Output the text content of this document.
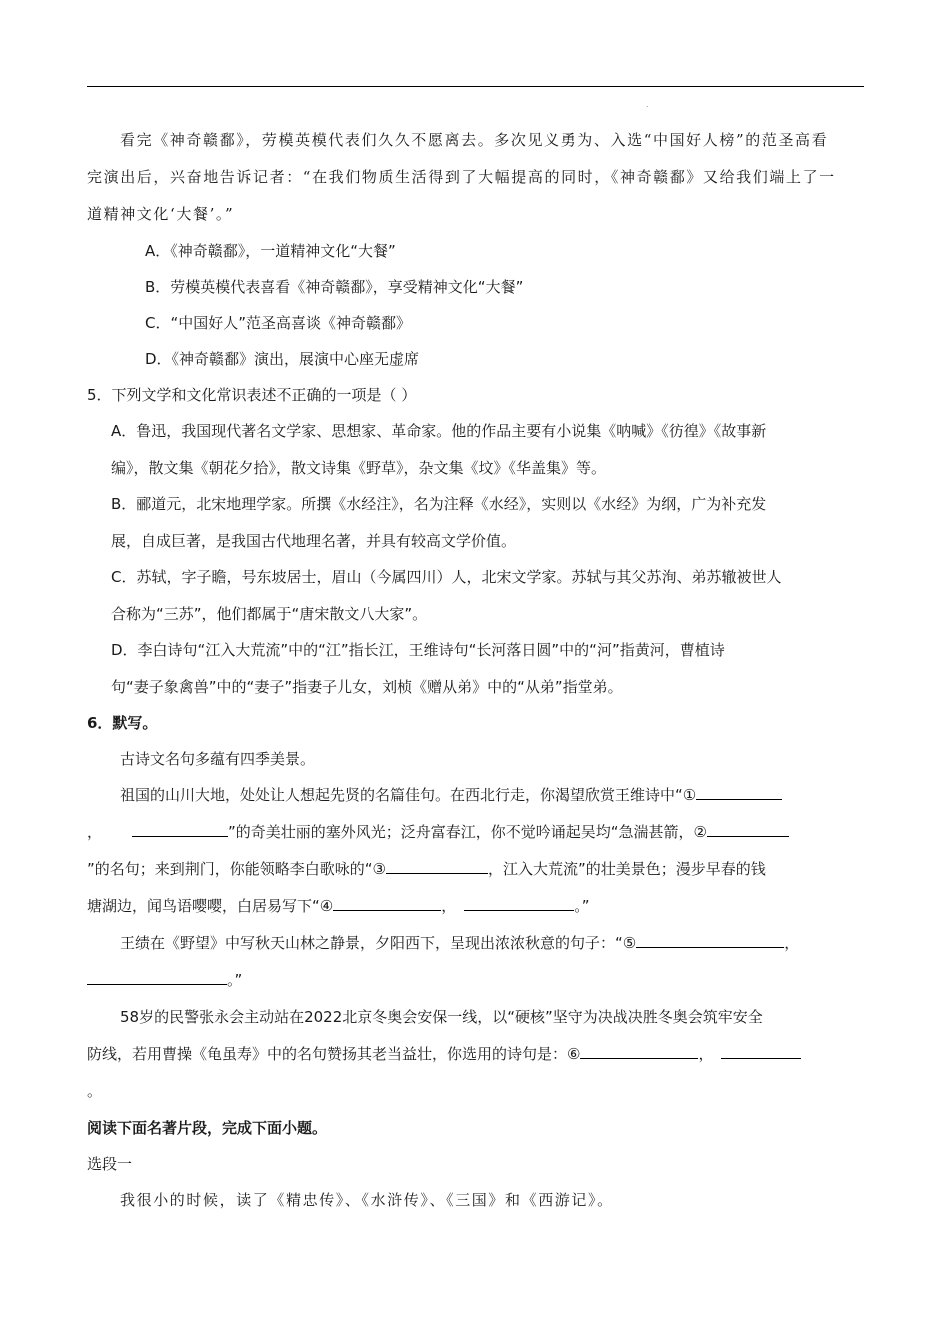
.
看完《神奇赣鄱》，劳模英模代表们久久不愿离去。多次见义勇为、入选“中国好人榜”的范圣高看
完演出后，兴奋地告诉记者：“在我们物质生活得到了大幅提高的同时，《神奇赣鄱》又给我们端上了一
道精神文化‘大餐’。”
A．《神奇赣鄱》，一道精神文化“大餐”
B．劳模英模代表喜看《神奇赣鄱》，享受精神文化“大餐”
C．“中国好人”范圣高喜谈《神奇赣鄱》
D．《神奇赣鄱》演出，展演中心座无虚席
5．下列文学和文化常识表述不正确的一项是（ ）
A．鲁迅，我国现代著名文学家、思想家、革命家。他的作品主要有小说集《呐喊》《彷徨》《故事新
编》，散文集《朝花夕拾》，散文诗集《野草》，杂文集《坟》《华盖集》等。
B．郦道元，北宋地理学家。所撰《水经注》，名为注释《水经》，实则以《水经》为纲，广为补充发
展，自成巨著，是我国古代地理名著，并具有较高文学价值。
C．苏轼，字子瞻，号东坡居士，眉山（今属四川）人，北宋文学家。苏轼与其父苏洵、弟苏辙被世人
合称为“三苏”，他们都属于“唐宋散文八大家”。
D．李白诗句“江入大荒流”中的“江”指长江，王维诗句“长河落日圆”中的“河”指黄河，曹植诗
句“妻子象禽兽”中的“妻子”指妻子儿女，刘桢《赠从弟》中的“从弟”指堂弟。
6．默写。
古诗文名句多蕴有四季美景。
祖国的山川大地，处处让人想起先贤的名篇佳句。在西北行走，你渴望欣赏王维诗中“①
，	”的奇美壮丽的塞外风光；泛舟富春江，你不觉吟诵起吴均“急湍甚箭，②
”的名句；来到荆门，你能领略李白歌咏的“③	，江入大荒流”的壮美景色；漫步早春的钱
塘湖边，闻鸟语嘤嘤，白居易写下“④	，	。”
王绩在《野望》中写秋天山林之静景，夕阳西下，呈现出浓浓秋意的句子：“⑤	，
。”
58岁的民警张永会主动站在2022北京冬奥会安保一线，以“硬核”坚守为决战决胜冬奥会筑牢安全
防线，若用曹操《龟虽寿》中的名句赞扬其老当益壮，你选用的诗句是：⑥	，
。
阅读下面名著片段，完成下面小题。
选段一
我很小的时候，读了《精忠传》、《水浒传》、《三国》和《西游记》。
